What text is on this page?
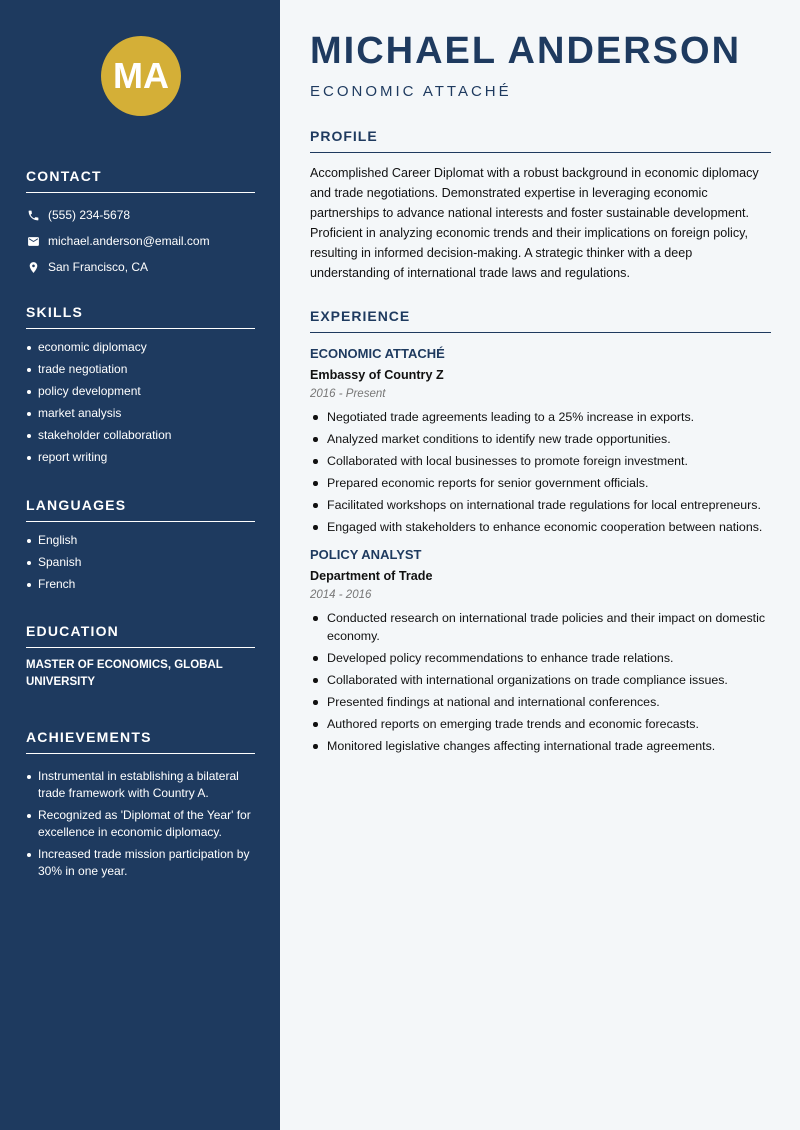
MA
CONTACT
(555) 234-5678
michael.anderson@email.com
San Francisco, CA
SKILLS
economic diplomacy
trade negotiation
policy development
market analysis
stakeholder collaboration
report writing
LANGUAGES
English
Spanish
French
EDUCATION
MASTER OF ECONOMICS, GLOBAL UNIVERSITY
ACHIEVEMENTS
Instrumental in establishing a bilateral trade framework with Country A.
Recognized as 'Diplomat of the Year' for excellence in economic diplomacy.
Increased trade mission participation by 30% in one year.
MICHAEL ANDERSON
ECONOMIC ATTACHÉ
PROFILE

Accomplished Career Diplomat with a robust background in economic diplomacy and trade negotiations. Demonstrated expertise in leveraging economic partnerships to advance national interests and foster sustainable development. Proficient in analyzing economic trends and their implications on foreign policy, resulting in informed decision-making. A strategic thinker with a deep understanding of international trade laws and regulations.

EXPERIENCE
ECONOMIC ATTACHÉ
Embassy of Country Z
2016 - Present
Negotiated trade agreements leading to a 25% increase in exports.
Analyzed market conditions to identify new trade opportunities.
Collaborated with local businesses to promote foreign investment.
Prepared economic reports for senior government officials.
Facilitated workshops on international trade regulations for local entrepreneurs.
Engaged with stakeholders to enhance economic cooperation between nations.
POLICY ANALYST
Department of Trade
2014 - 2016
Conducted research on international trade policies and their impact on domestic economy.
Developed policy recommendations to enhance trade relations.
Collaborated with international organizations on trade compliance issues.
Presented findings at national and international conferences.
Authored reports on emerging trade trends and economic forecasts.
Monitored legislative changes affecting international trade agreements.
